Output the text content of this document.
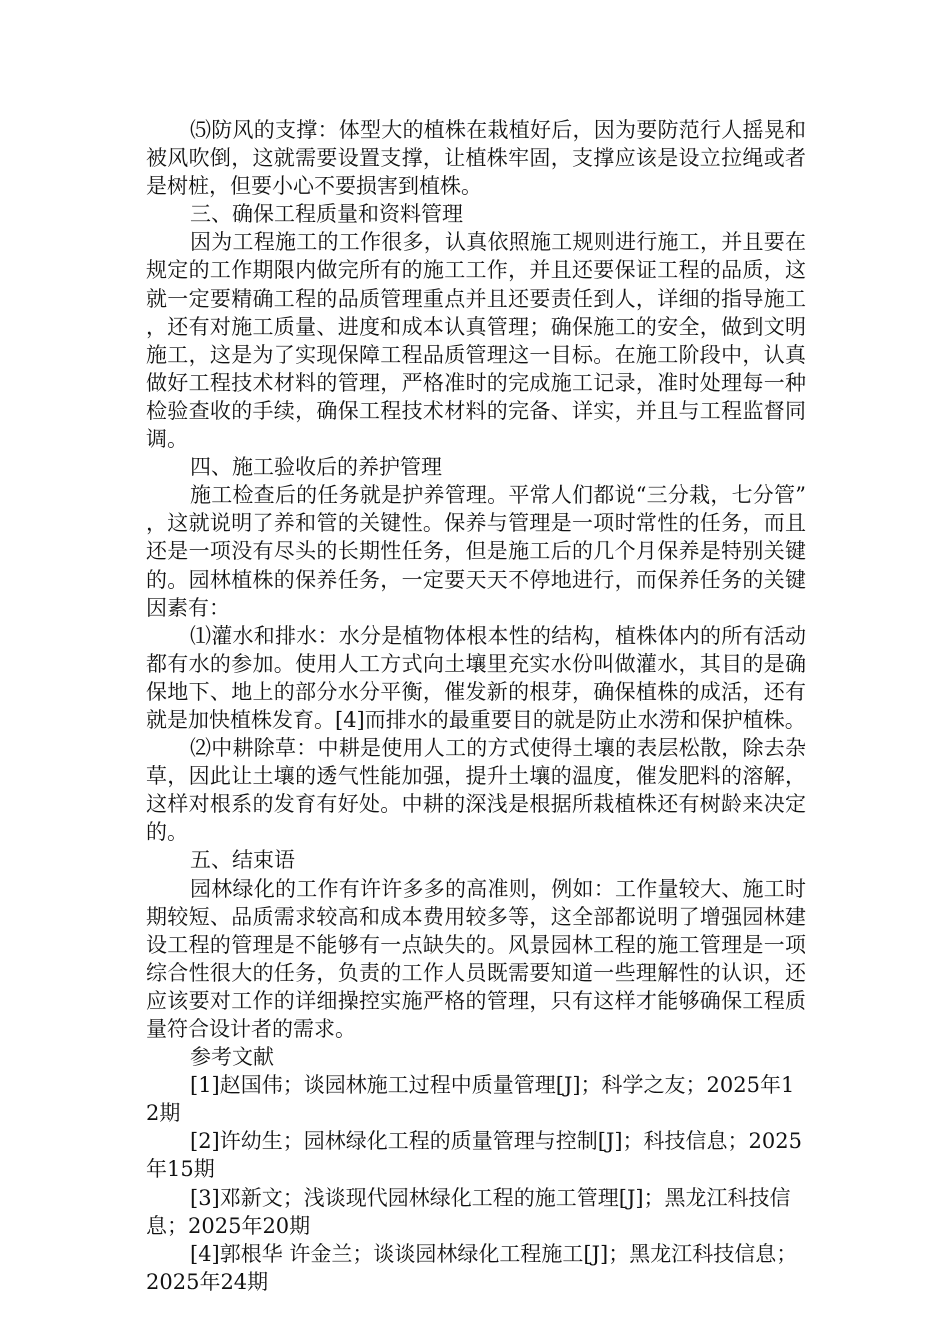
⑸防风的支撑：体型大的植株在栽植好后，因为要防范行人摇晃和被风吹倒，这就需要设置支撑，让植株牢固，支撑应该是设立拉绳或者是树桩，但要小心不要损害到植株。

三、确保工程质量和资料管理

因为工程施工的工作很多，认真依照施工规则进行施工，并且要在规定的工作期限内做完所有的施工工作，并且还要保证工程的品质，这就一定要精确工程的品质管理重点并且还要责任到人，详细的指导施工，还有对施工质量、进度和成本认真管理；确保施工的安全，做到文明施工，这是为了实现保障工程品质管理这一目标。在施工阶段中，认真做好工程技术材料的管理，严格准时的完成施工记录，准时处理每一种检验查收的手续，确保工程技术材料的完备、详实，并且与工程监督同调。

四、施工验收后的养护管理

施工检查后的任务就是护养管理。平常人们都说“三分栽，七分管”，这就说明了养和管的关键性。保养与管理是一项时常性的任务，而且还是一项没有尽头的长期性任务，但是施工后的几个月保养是特别关键的。园林植株的保养任务，一定要天天不停地进行，而保养任务的关键因素有：

⑴灌水和排水：水分是植物体根本性的结构，植株体内的所有活动都有水的参加。使用人工方式向土壤里充实水份叫做灌水，其目的是确保地下、地上的部分水分平衡，催发新的根芽，确保植株的成活，还有就是加快植株发育。[4]而排水的最重要目的就是防止水涝和保护植株。

⑵中耕除草：中耕是使用人工的方式使得土壤的表层松散，除去杂草，因此让土壤的透气性能加强，提升土壤的温度，催发肥料的溶解，这样对根系的发育有好处。中耕的深浅是根据所栽植株还有树龄来决定的。

五、结束语

园林绿化的工作有许许多多的高准则，例如：工作量较大、施工时期较短、品质需求较高和成本费用较多等，这全部都说明了增强园林建设工程的管理是不能够有一点缺失的。风景园林工程的施工管理是一项综合性很大的任务，负责的工作人员既需要知道一些理解性的认识，还应该要对工作的详细操控实施严格的管理，只有这样才能够确保工程质量符合设计者的需求。

参考文献

[1]赵国伟；谈园林施工过程中质量管理[J]；科学之友；2025年12期

[2]许幼生；园林绿化工程的质量管理与控制[J]；科技信息；2025年15期

[3]邓新文；浅谈现代园林绿化工程的施工管理[J]；黑龙江科技信息；2025年20期

[4]郭根华 许金兰；谈谈园林绿化工程施工[J]；黑龙江科技信息；2025年24期
